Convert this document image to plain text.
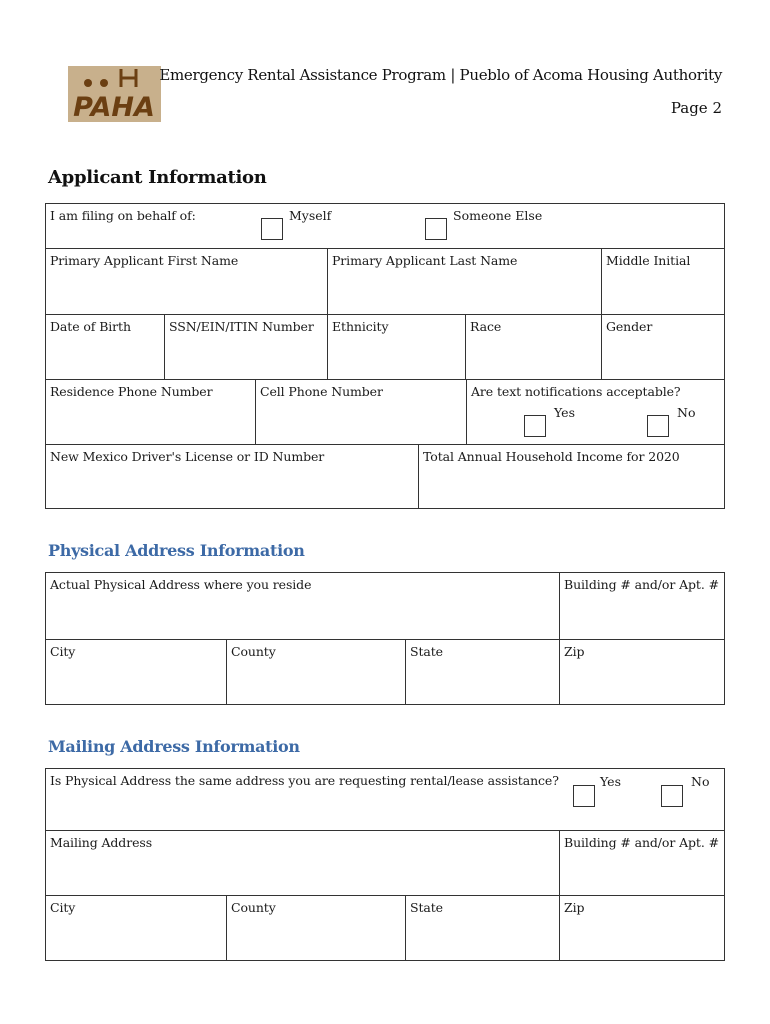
PAHA
Emergency Rental Assistance Program | Pueblo of Acoma Housing Authority
Page 2
Applicant Information
I am filing on behalf of:	Myself	Someone Else
Primary Applicant First Name	Primary Applicant Last Name	Middle Initial
Date of Birth	SSN/EIN/ITIN Number	Ethnicity	Race	Gender
Residence Phone Number	Cell Phone Number	Are text notifications acceptable?
Yes	No
New Mexico Driver's License or ID Number	Total Annual Household Income for 2020
Physical Address Information
Actual Physical Address where you reside	Building # and/or Apt. #
City	County	State	Zip
Mailing Address Information
Is Physical Address the same address you are requesting rental/lease assistance?	Yes	No
Mailing Address	Building # and/or Apt. #
City	County	State	Zip
